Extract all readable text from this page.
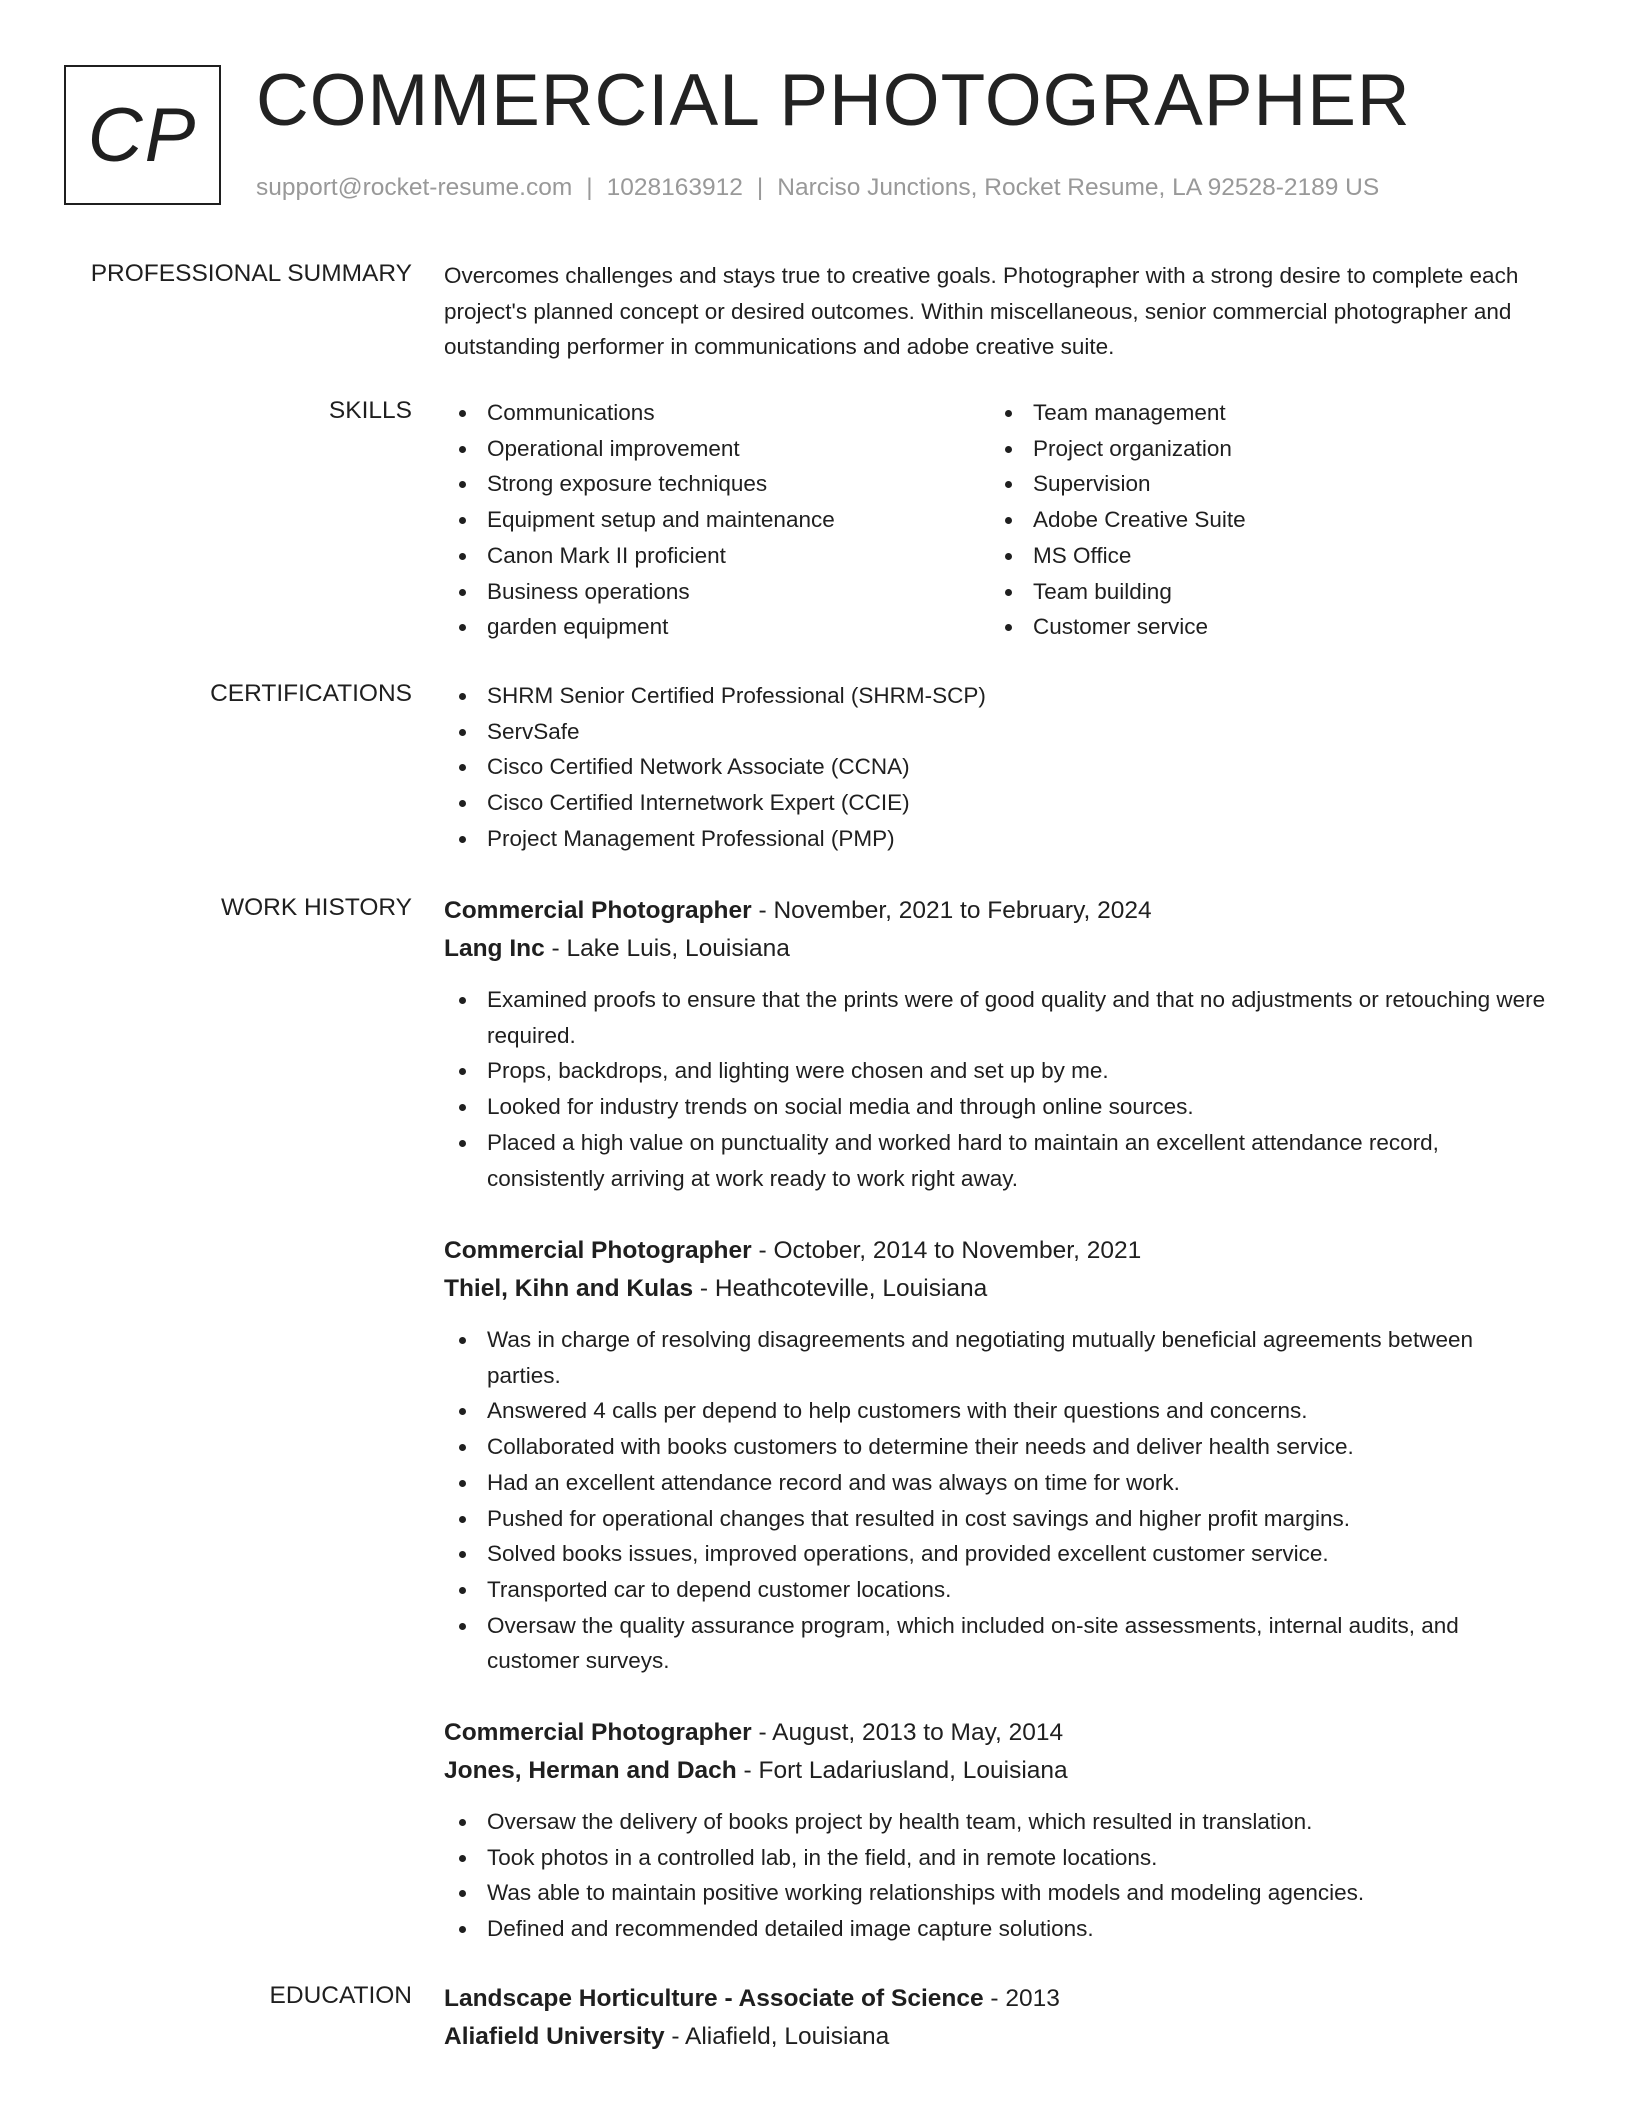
CP COMMERCIAL PHOTOGRAPHER
support@rocket-resume.com | 1028163912 | Narciso Junctions, Rocket Resume, LA 92528-2189 US
PROFESSIONAL SUMMARY Overcomes challenges and stays true to creative goals. Photographer with a strong desire to complete each project's planned concept or desired outcomes. Within miscellaneous, senior commercial photographer and outstanding performer in communications and adobe creative suite.

SKILLS	Communications
Operational improvement
Strong exposure techniques
Equipment setup and maintenance
Canon Mark II proficient
Business operations
garden equipment
Team management
Project organization
Supervision
Adobe Creative Suite
MS Office
Team building
Customer service
CERTIFICATIONS	SHRM Senior Certified Professional (SHRM-SCP)
ServSafe
Cisco Certified Network Associate (CCNA)
Cisco Certified Internetwork Expert (CCIE)
Project Management Professional (PMP)
WORK HISTORY Commercial Photographer - November, 2021 to February, 2024
Lang Inc - Lake Luis, Louisiana
Examined proofs to ensure that the prints were of good quality and that no adjustments or retouching were required.
Props, backdrops, and lighting were chosen and set up by me.
Looked for industry trends on social media and through online sources.
Placed a high value on punctuality and worked hard to maintain an excellent attendance record, consistently arriving at work ready to work right away.
Commercial Photographer - October, 2014 to November, 2021
Thiel, Kihn and Kulas - Heathcoteville, Louisiana
Was in charge of resolving disagreements and negotiating mutually beneficial agreements between parties.
Answered 4 calls per depend to help customers with their questions and concerns.
Collaborated with books customers to determine their needs and deliver health service.
Had an excellent attendance record and was always on time for work.
Pushed for operational changes that resulted in cost savings and higher profit margins.
Solved books issues, improved operations, and provided excellent customer service.
Transported car to depend customer locations.
Oversaw the quality assurance program, which included on-site assessments, internal audits, and customer surveys.
Commercial Photographer - August, 2013 to May, 2014
Jones, Herman and Dach - Fort Ladariusland, Louisiana
Oversaw the delivery of books project by health team, which resulted in translation.
Took photos in a controlled lab, in the field, and in remote locations.
Was able to maintain positive working relationships with models and modeling agencies.
Defined and recommended detailed image capture solutions.
EDUCATION Landscape Horticulture - Associate of Science - 2013
Aliafield University - Aliafield, Louisiana
